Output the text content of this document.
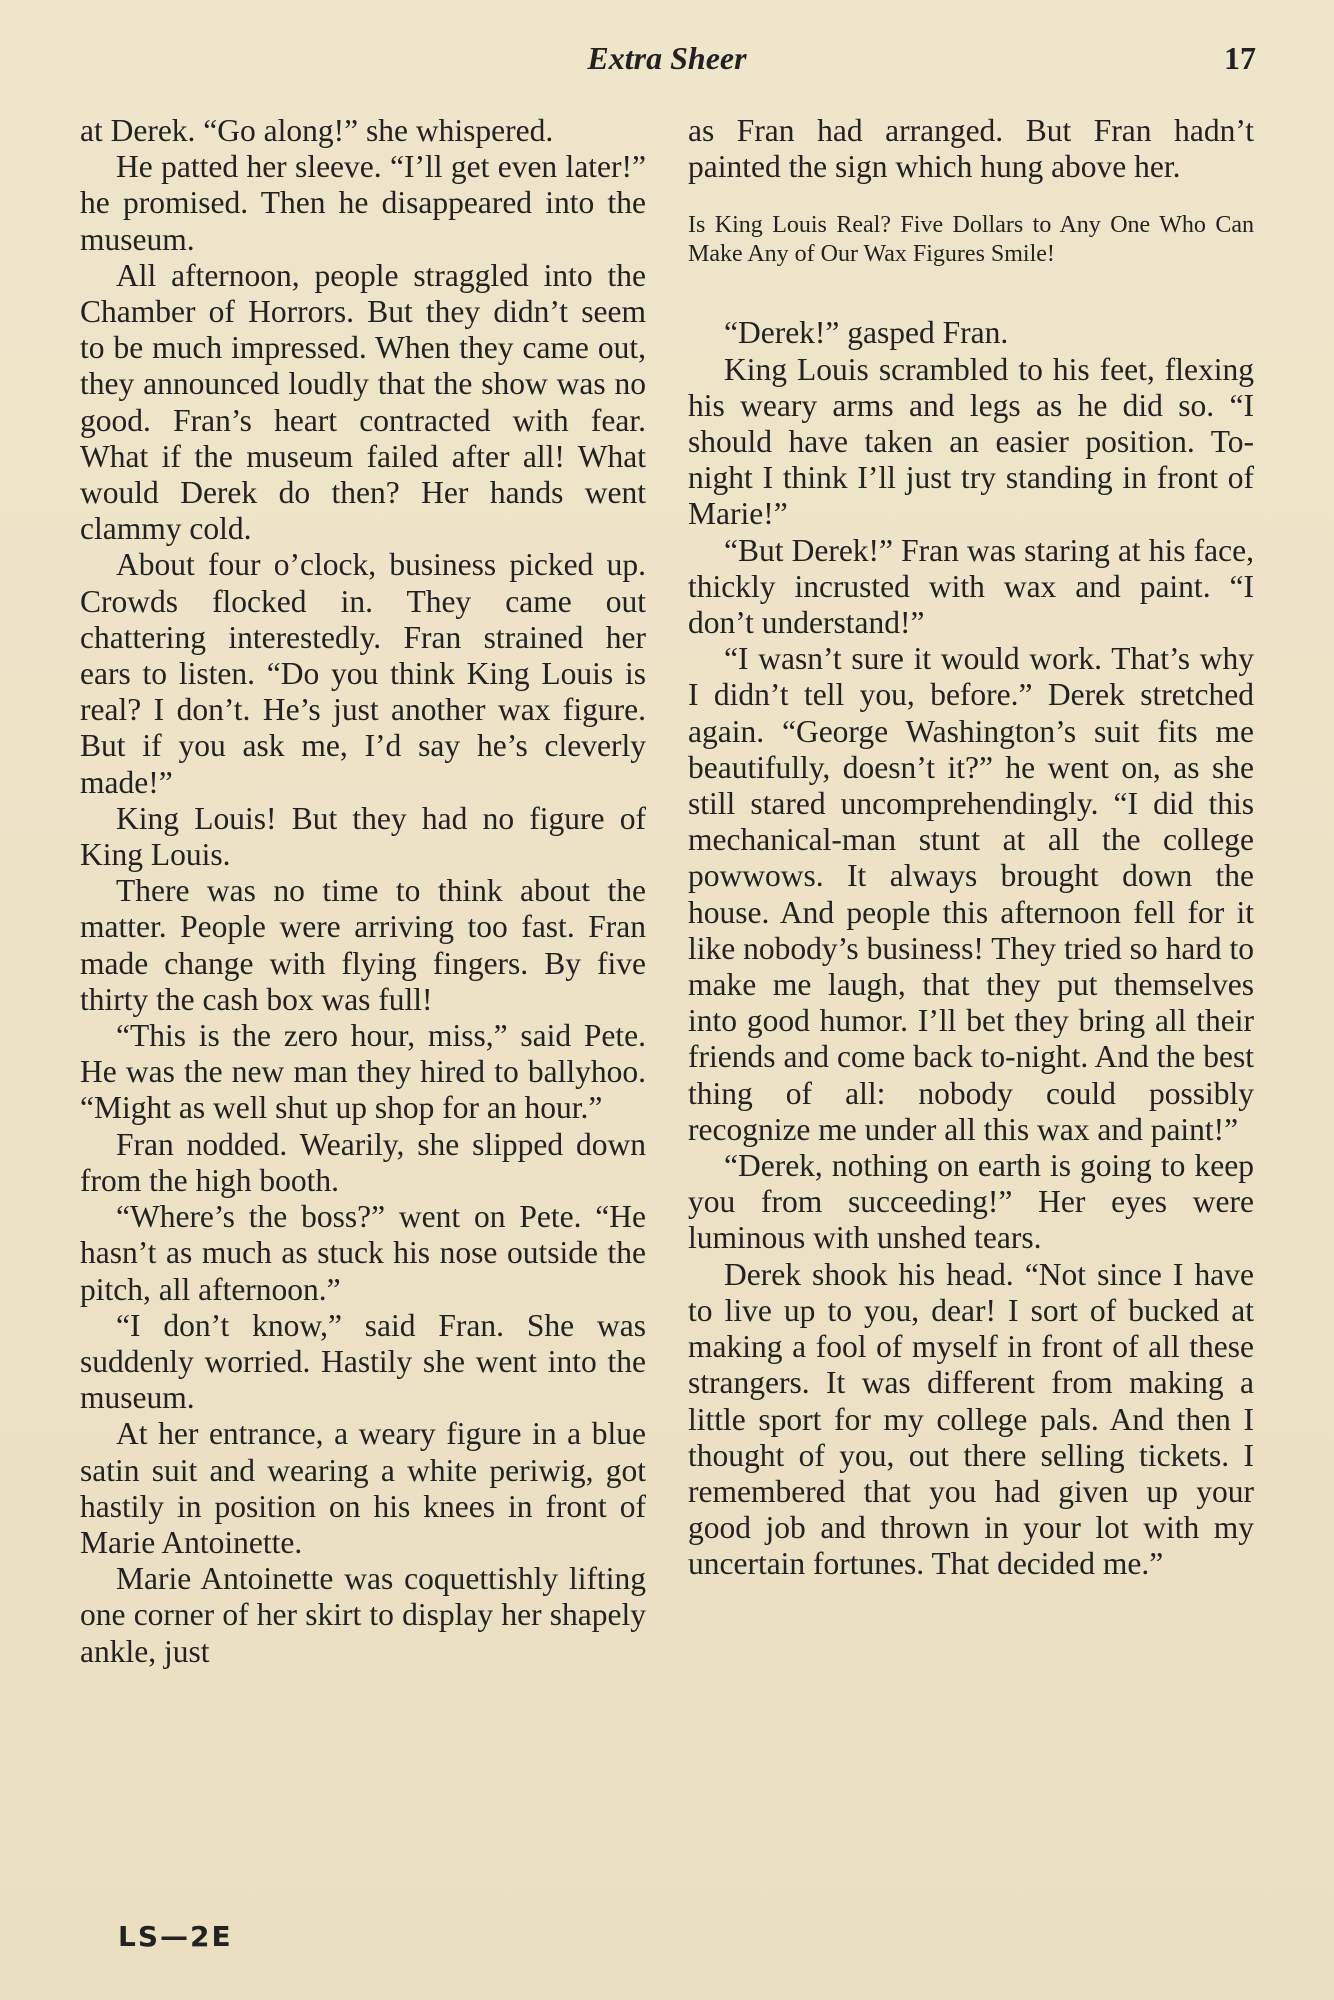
Extra Sheer	17

at Derek. “Go along!” she whispered.

He patted her sleeve. “I’ll get even later!” he promised. Then he disappeared into the museum.

All afternoon, people straggled into the Chamber of Horrors. But they didn’t seem to be much impressed. When they came out, they announced loudly that the show was no good. Fran’s heart contracted with fear. What if the museum failed after all! What would Derek do then? Her hands went clammy cold.

About four o’clock, business picked up. Crowds flocked in. They came out chattering interestedly. Fran strained her ears to listen. “Do you think King Louis is real? I don’t. He’s just another wax figure. But if you ask me, I’d say he’s cleverly made!”

King Louis! But they had no figure of King Louis.

There was no time to think about the matter. People were arriving too fast. Fran made change with flying fingers. By five thirty the cash box was full!

“This is the zero hour, miss,” said Pete. He was the new man they hired to ballyhoo. “Might as well shut up shop for an hour.”

Fran nodded. Wearily, she slipped down from the high booth.

“Where’s the boss?” went on Pete. “He hasn’t as much as stuck his nose outside the pitch, all afternoon.”

“I don’t know,” said Fran. She was suddenly worried. Hastily she went into the museum.

At her entrance, a weary figure in a blue satin suit and wearing a white periwig, got hastily in position on his knees in front of Marie Antoinette.

Marie Antoinette was coquettishly lifting one corner of her skirt to display her shapely ankle, just

as Fran had arranged. But Fran hadn’t painted the sign which hung above her.

Is King Louis Real? Five Dollars to Any One Who Can Make Any of Our Wax Figures Smile!

“Derek!” gasped Fran.

King Louis scrambled to his feet, flexing his weary arms and legs as he did so. “I should have taken an easier position. To-night I think I’ll just try standing in front of Marie!”

“But Derek!” Fran was staring at his face, thickly incrusted with wax and paint. “I don’t understand!”

“I wasn’t sure it would work. That’s why I didn’t tell you, before.” Derek stretched again. “George Washington’s suit fits me beautifully, doesn’t it?” he went on, as she still stared uncomprehendingly. “I did this mechanical-man stunt at all the college powwows. It always brought down the house. And people this afternoon fell for it like nobody’s business! They tried so hard to make me laugh, that they put themselves into good humor. I’ll bet they bring all their friends and come back to-night. And the best thing of all: nobody could possibly recognize me under all this wax and paint!”

“Derek, nothing on earth is going to keep you from succeeding!” Her eyes were luminous with unshed tears.

Derek shook his head. “Not since I have to live up to you, dear! I sort of bucked at making a fool of myself in front of all these strangers. It was different from making a little sport for my college pals. And then I thought of you, out there selling tickets. I remembered that you had given up your good job and thrown in your lot with my uncertain fortunes. That decided me.”

LS—2E
